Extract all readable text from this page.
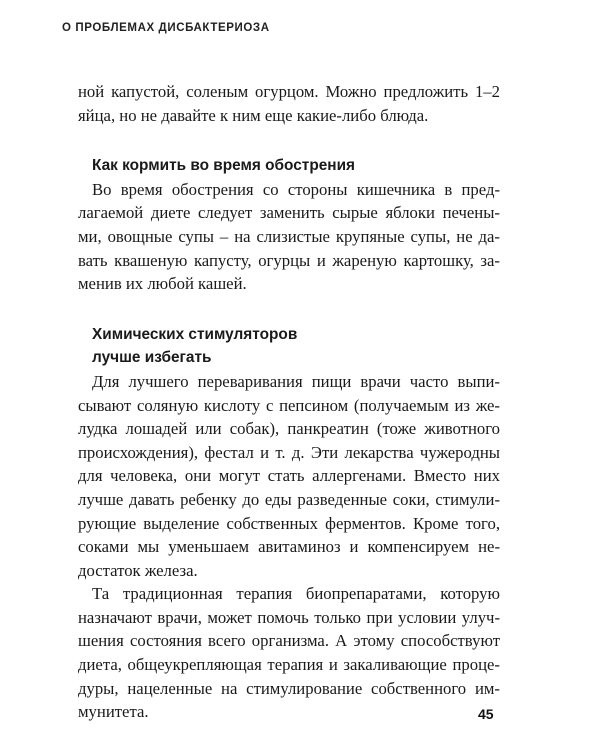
О ПРОБЛЕМАХ ДИСБАКТЕРИОЗА
ной капустой, соленым огурцом. Можно предложить 1–2
яйца, но не давайте к ним еще какие-либо блюда.
Как кормить во время обострения
Во время обострения со стороны кишечника в пред-
лагаемой диете следует заменить сырые яблоки печены-
ми, овощные супы – на слизистые крупяные супы, не да-
вать квашеную капусту, огурцы и жареную картошку, за-
менив их любой кашей.
Химических стимуляторов
лучше избегать
Для лучшего переваривания пищи врачи часто выпи-
сывают соляную кислоту с пепсином (получаемым из же-
лудка лошадей или собак), панкреатин (тоже животного
происхождения), фестал и т. д. Эти лекарства чужеродны
для человека, они могут стать аллергенами. Вместо них
лучше давать ребенку до еды разведенные соки, стимули-
рующие выделение собственных ферментов. Кроме того,
соками мы уменьшаем авитаминоз и компенсируем не-
достаток железа.
Та традиционная терапия биопрепаратами, которую
назначают врачи, может помочь только при условии улуч-
шения состояния всего организма. А этому способствуют
диета, общеукрепляющая терапия и закаливающие проце-
дуры, нацеленные на стимулирование собственного им-
мунитета.	45
